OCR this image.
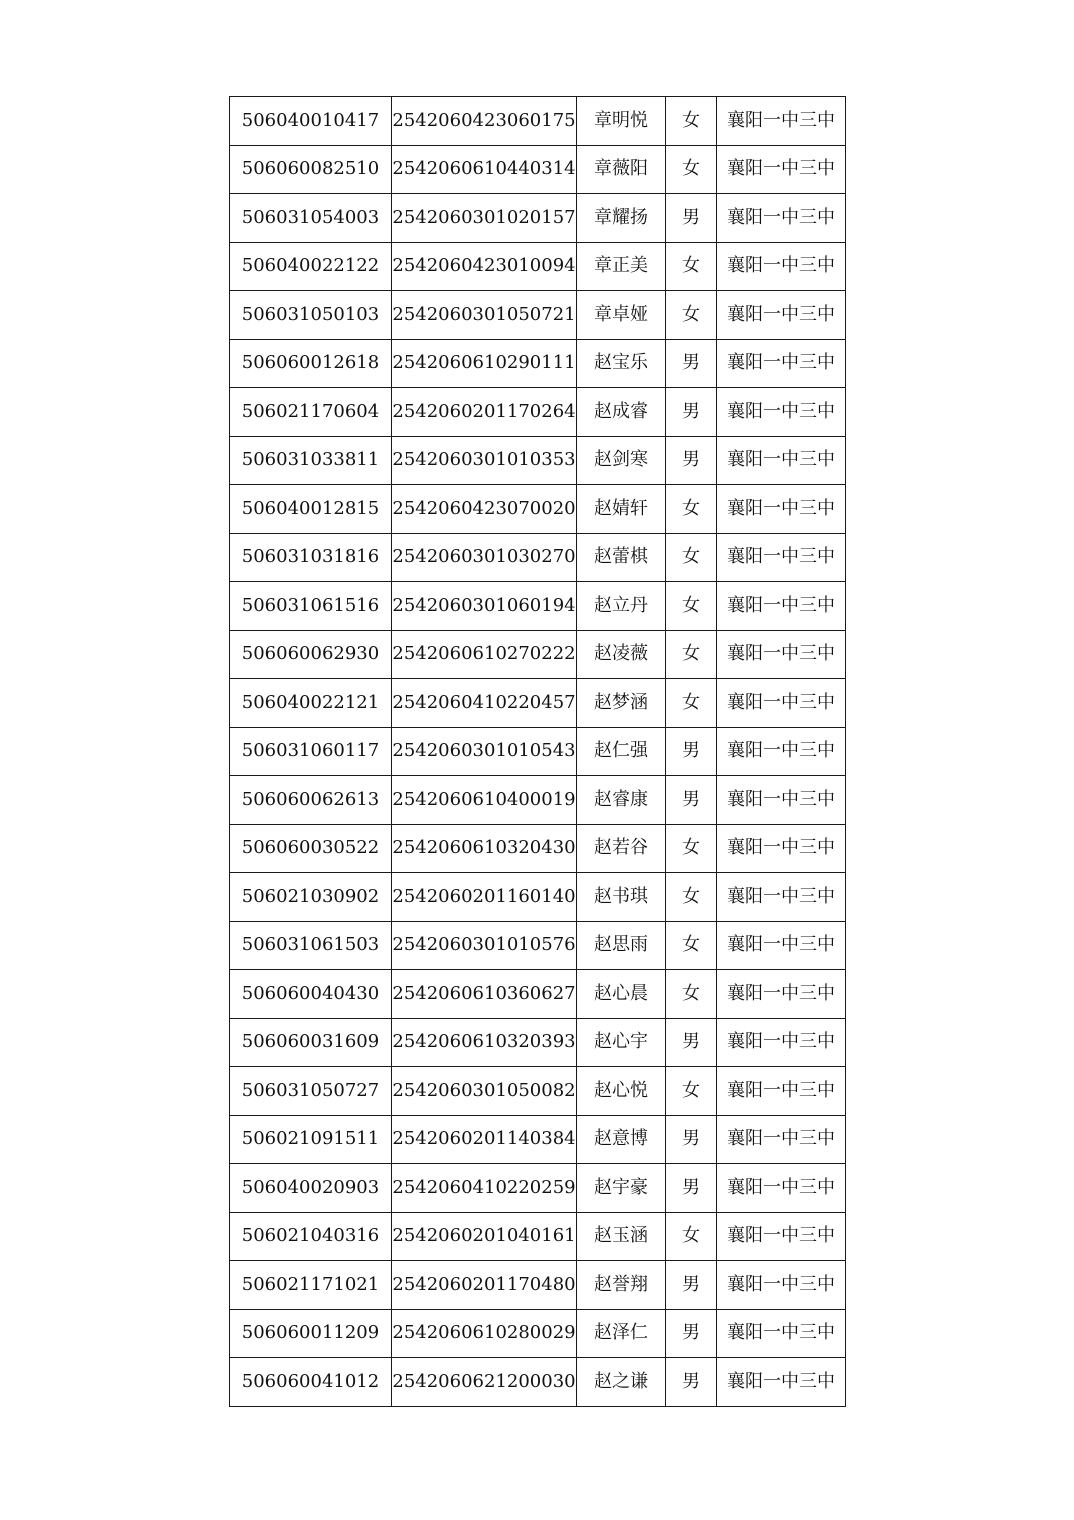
506040010417	2542060423060175	章明悦	女	襄阳一中三中
506060082510	2542060610440314	章薇阳	女	襄阳一中三中
506031054003	2542060301020157	章耀扬	男	襄阳一中三中
506040022122	2542060423010094	章正美	女	襄阳一中三中
506031050103	2542060301050721	章卓娅	女	襄阳一中三中
506060012618	2542060610290111	赵宝乐	男	襄阳一中三中
506021170604	2542060201170264	赵成睿	男	襄阳一中三中
506031033811	2542060301010353	赵剑寒	男	襄阳一中三中
506040012815	2542060423070020	赵婧轩	女	襄阳一中三中
506031031816	2542060301030270	赵蕾棋	女	襄阳一中三中
506031061516	2542060301060194	赵立丹	女	襄阳一中三中
506060062930	2542060610270222	赵凌薇	女	襄阳一中三中
506040022121	2542060410220457	赵梦涵	女	襄阳一中三中
506031060117	2542060301010543	赵仁强	男	襄阳一中三中
506060062613	2542060610400019	赵睿康	男	襄阳一中三中
506060030522	2542060610320430	赵若谷	女	襄阳一中三中
506021030902	2542060201160140	赵书琪	女	襄阳一中三中
506031061503	2542060301010576	赵思雨	女	襄阳一中三中
506060040430	2542060610360627	赵心晨	女	襄阳一中三中
506060031609	2542060610320393	赵心宇	男	襄阳一中三中
506031050727	2542060301050082	赵心悦	女	襄阳一中三中
506021091511	2542060201140384	赵意博	男	襄阳一中三中
506040020903	2542060410220259	赵宇豪	男	襄阳一中三中
506021040316	2542060201040161	赵玉涵	女	襄阳一中三中
506021171021	2542060201170480	赵誉翔	男	襄阳一中三中
506060011209	2542060610280029	赵泽仁	男	襄阳一中三中
506060041012	2542060621200030	赵之谦	男	襄阳一中三中
